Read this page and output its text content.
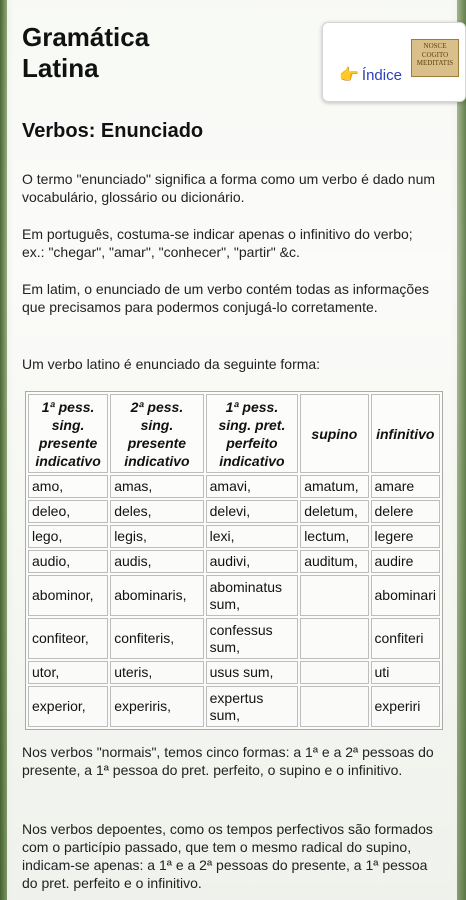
Gramática
Latina
NOSCE
COGITO
MEDITATIS
👉 Índice
Verbos: Enunciado

O termo "enunciado" significa a forma como um verbo é dado num vocabulário, glossário ou dicionário.

Em português, costuma-se indicar apenas o infinitivo do verbo; ex.: "chegar", "amar", "conhecer", "partir" &c.

Em latim, o enunciado de um verbo contém todas as informações que precisamos para podermos conjugá-lo corretamente.

Um verbo latino é enunciado da seguinte forma:

1ª pess. sing. presente indicativo	2ª pess. sing. presente indicativo	1ª pess. sing. pret. perfeito indicativo	supino	infinitivo
amo,	amas,	amavi,	amatum,	amare
deleo,	deles,	delevi,	deletum,	delere
lego,	legis,	lexi,	lectum,	legere
audio,	audis,	audivi,	auditum,	audire
abominor,	abominaris,	abominatus sum,		abominari
confiteor,	confiteris,	confessus sum,		confiteri
utor,	uteris,	usus sum,		uti
experior,	experiris,	expertus sum,		experiri

Nos verbos "normais", temos cinco formas: a 1ª e a 2ª pessoas do presente, a 1ª pessoa do pret. perfeito, o supino e o infinitivo.

Nos verbos depoentes, como os tempos perfectivos são formados com o particípio passado, que tem o mesmo radical do supino, indicam-se apenas: a 1ª e a 2ª pessoas do presente, a 1ª pessoa do pret. perfeito e o infinitivo.
